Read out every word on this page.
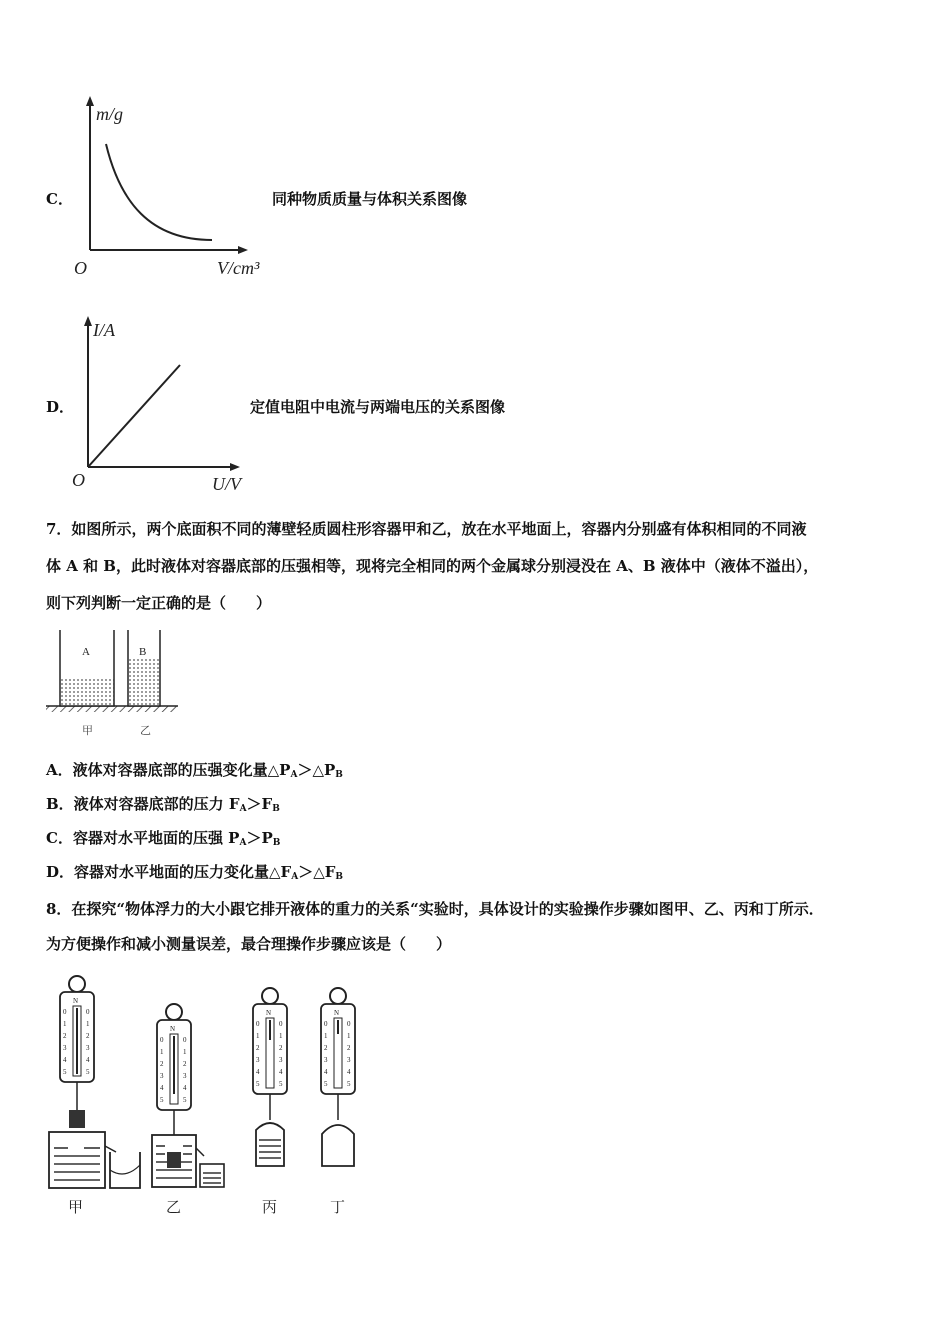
C．
m/g
V/cm³
O
同种物质质量与体积关系图像
D．
I/A
U/V
O
定值电阻中电流与两端电压的关系图像
7．如图所示，两个底面积不同的薄壁轻质圆柱形容器甲和乙，放在水平地面上，容器内分别盛有体积相同的不同液
体 A 和 B，此时液体对容器底部的压强相等，现将完全相同的两个金属球分别浸没在 A、B 液体中（液体不溢出），
则下列判断一定正确的是（　　）
A	B
甲	乙
A．液体对容器底部的压强变化量$\triangle P_A>\triangle P_B$
B．液体对容器底部的压力 $F_A>F_B$
C．容器对水平地面的压强 $P_A>P_B$
D．容器对水平地面的压力变化量$\triangle F_A>\triangle F_B$
8．在探究“物体浮力的大小跟它排开液体的重力的关系“实验时，具体设计的实验操作步骤如图甲、乙、丙和丁所示．
为方便操作和减小测量误差，最合理操作步骤应该是（　　）
N
0	0
1	1
2	2
3	3
4	4
5	5
N
0	0
1	1
2	2
3	3
4	4
5	5
N
0	0
1	1
2	2
3	3
4	4
5	5
N
0	0
1	1
2	2
3	3
4	4
5	5
甲	乙	丙	丁
